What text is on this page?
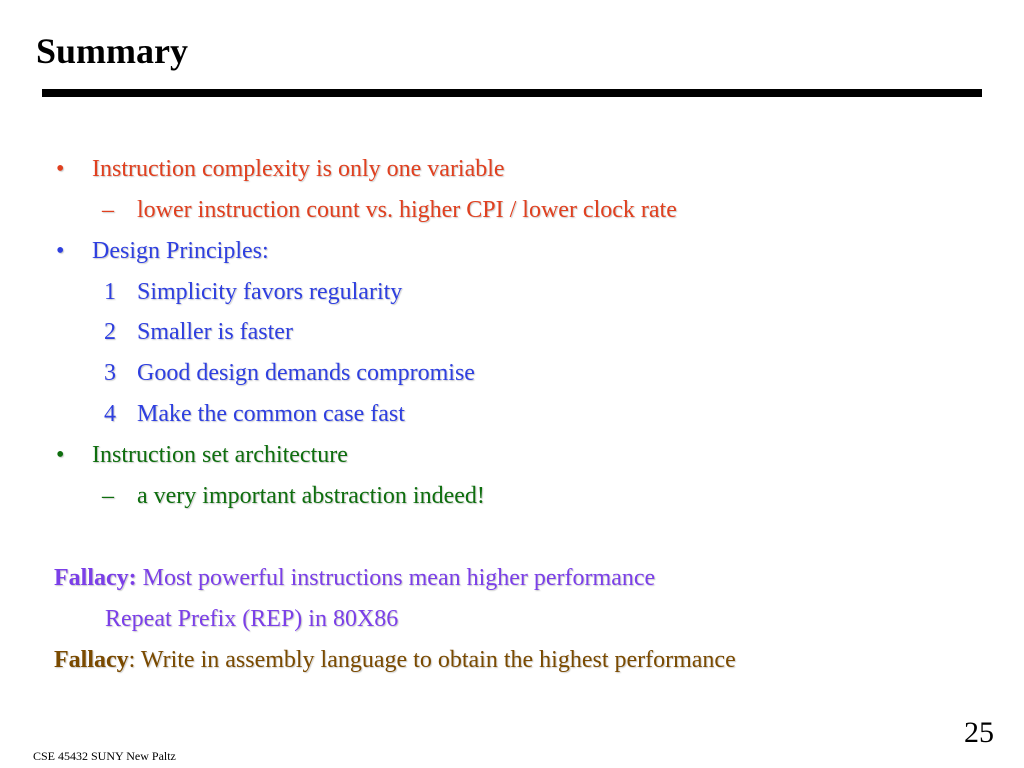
Summary
• Instruction complexity is only one variable
– lower instruction count vs. higher CPI / lower clock rate
• Design Principles:
1 Simplicity favors regularity
2 Smaller is faster
3 Good design demands compromise
4 Make the common case fast
• Instruction set architecture
– a very important abstraction indeed!
Fallacy: Most powerful instructions mean higher performance
Repeat Prefix (REP) in 80X86
Fallacy: Write in assembly language to obtain the highest performance
CSE 45432 SUNY New Paltz
25
